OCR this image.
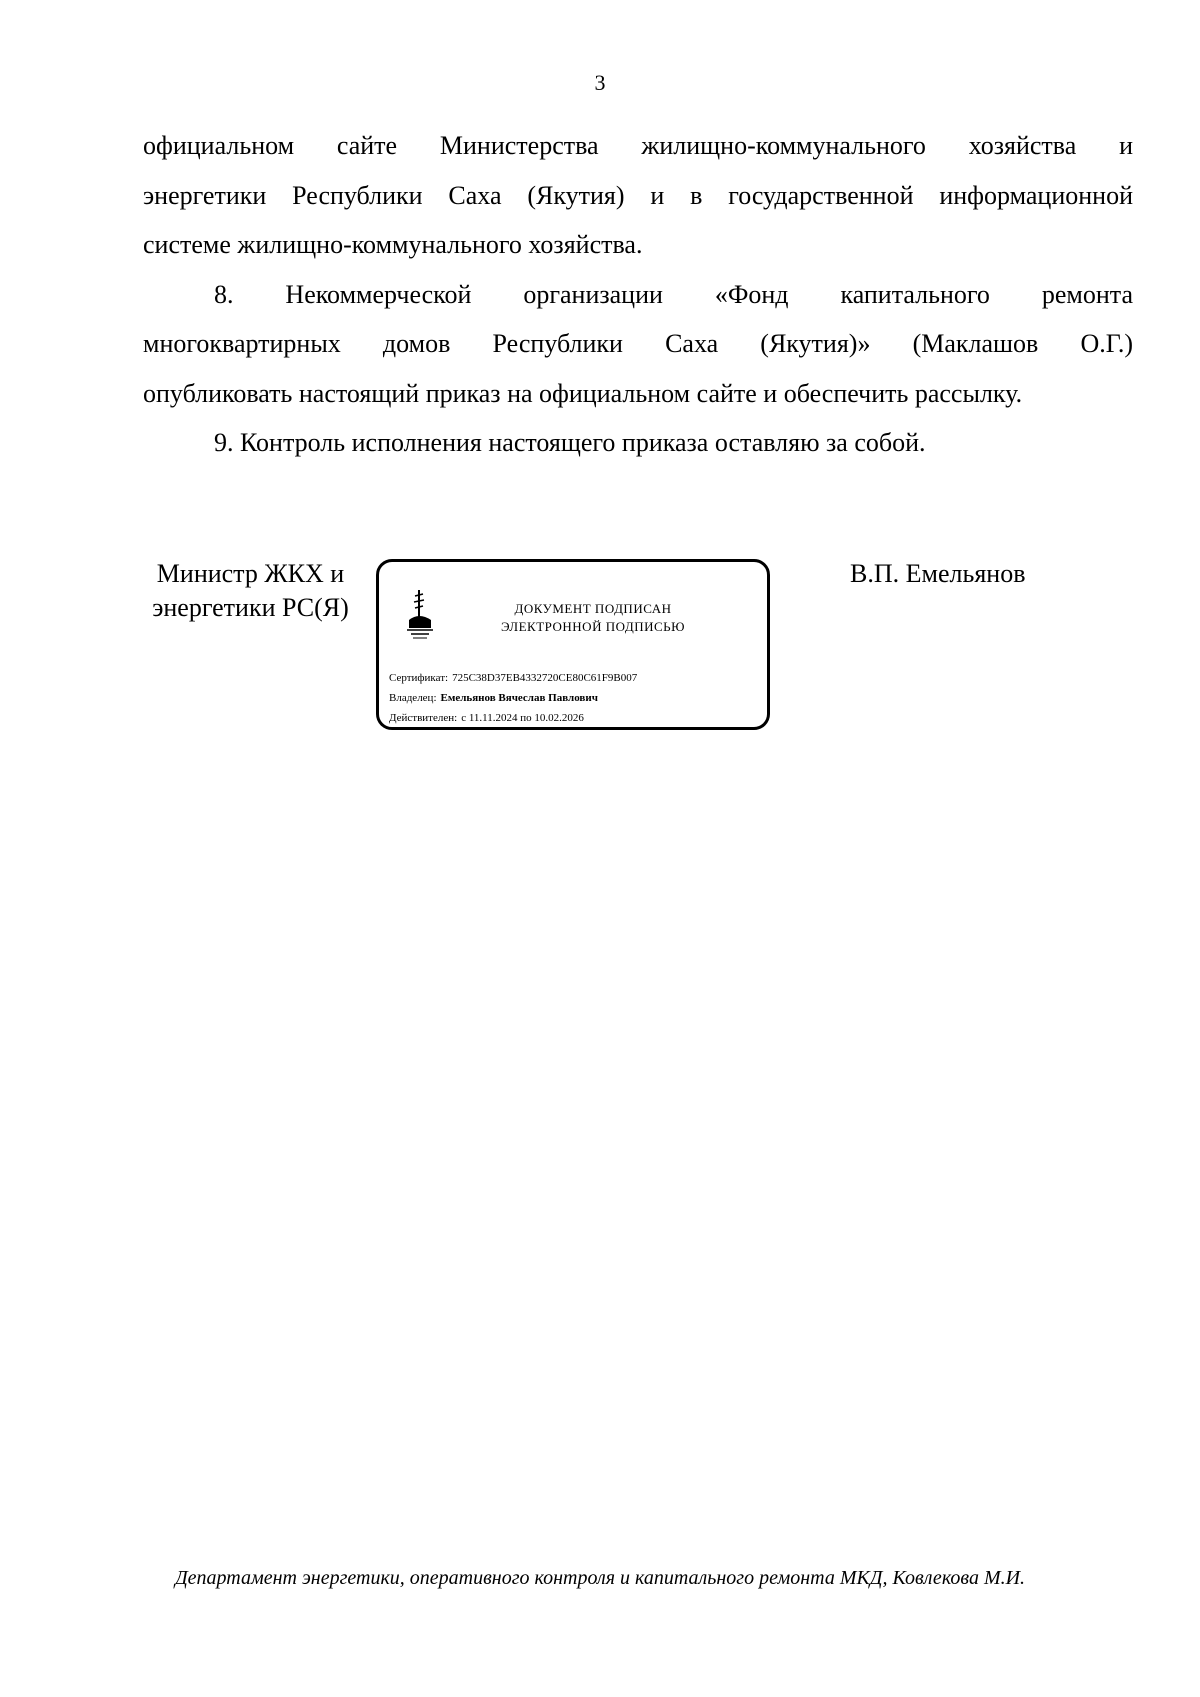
3

официальном сайте Министерства жилищно-коммунального хозяйства и
энергетики Республики Саха (Якутия) и в государственной информационной
системе жилищно-коммунального хозяйства.

8. Некоммерческой организации «Фонд капитального ремонта
многоквартирных домов Республики Саха (Якутия)» (Маклашов О.Г.)
опубликовать настоящий приказ на официальном сайте и обеспечить рассылку.

9. Контроль исполнения настоящего приказа оставляю за собой.

Министр ЖКХ и
энергетики РС(Я)	ДОКУМЕНТ ПОДПИСАН
ЭЛЕКТРОННОЙ ПОДПИСЬЮ
Сертификат: 725C38D37EB4332720CE80C61F9B007
Владелец: Емельянов Вячеслав Павлович
Действителен: с 11.11.2024 по 10.02.2026
В.П. Емельянов
Департамент энергетики, оперативного контроля и капитального ремонта МКД, Ковлекова М.И.
